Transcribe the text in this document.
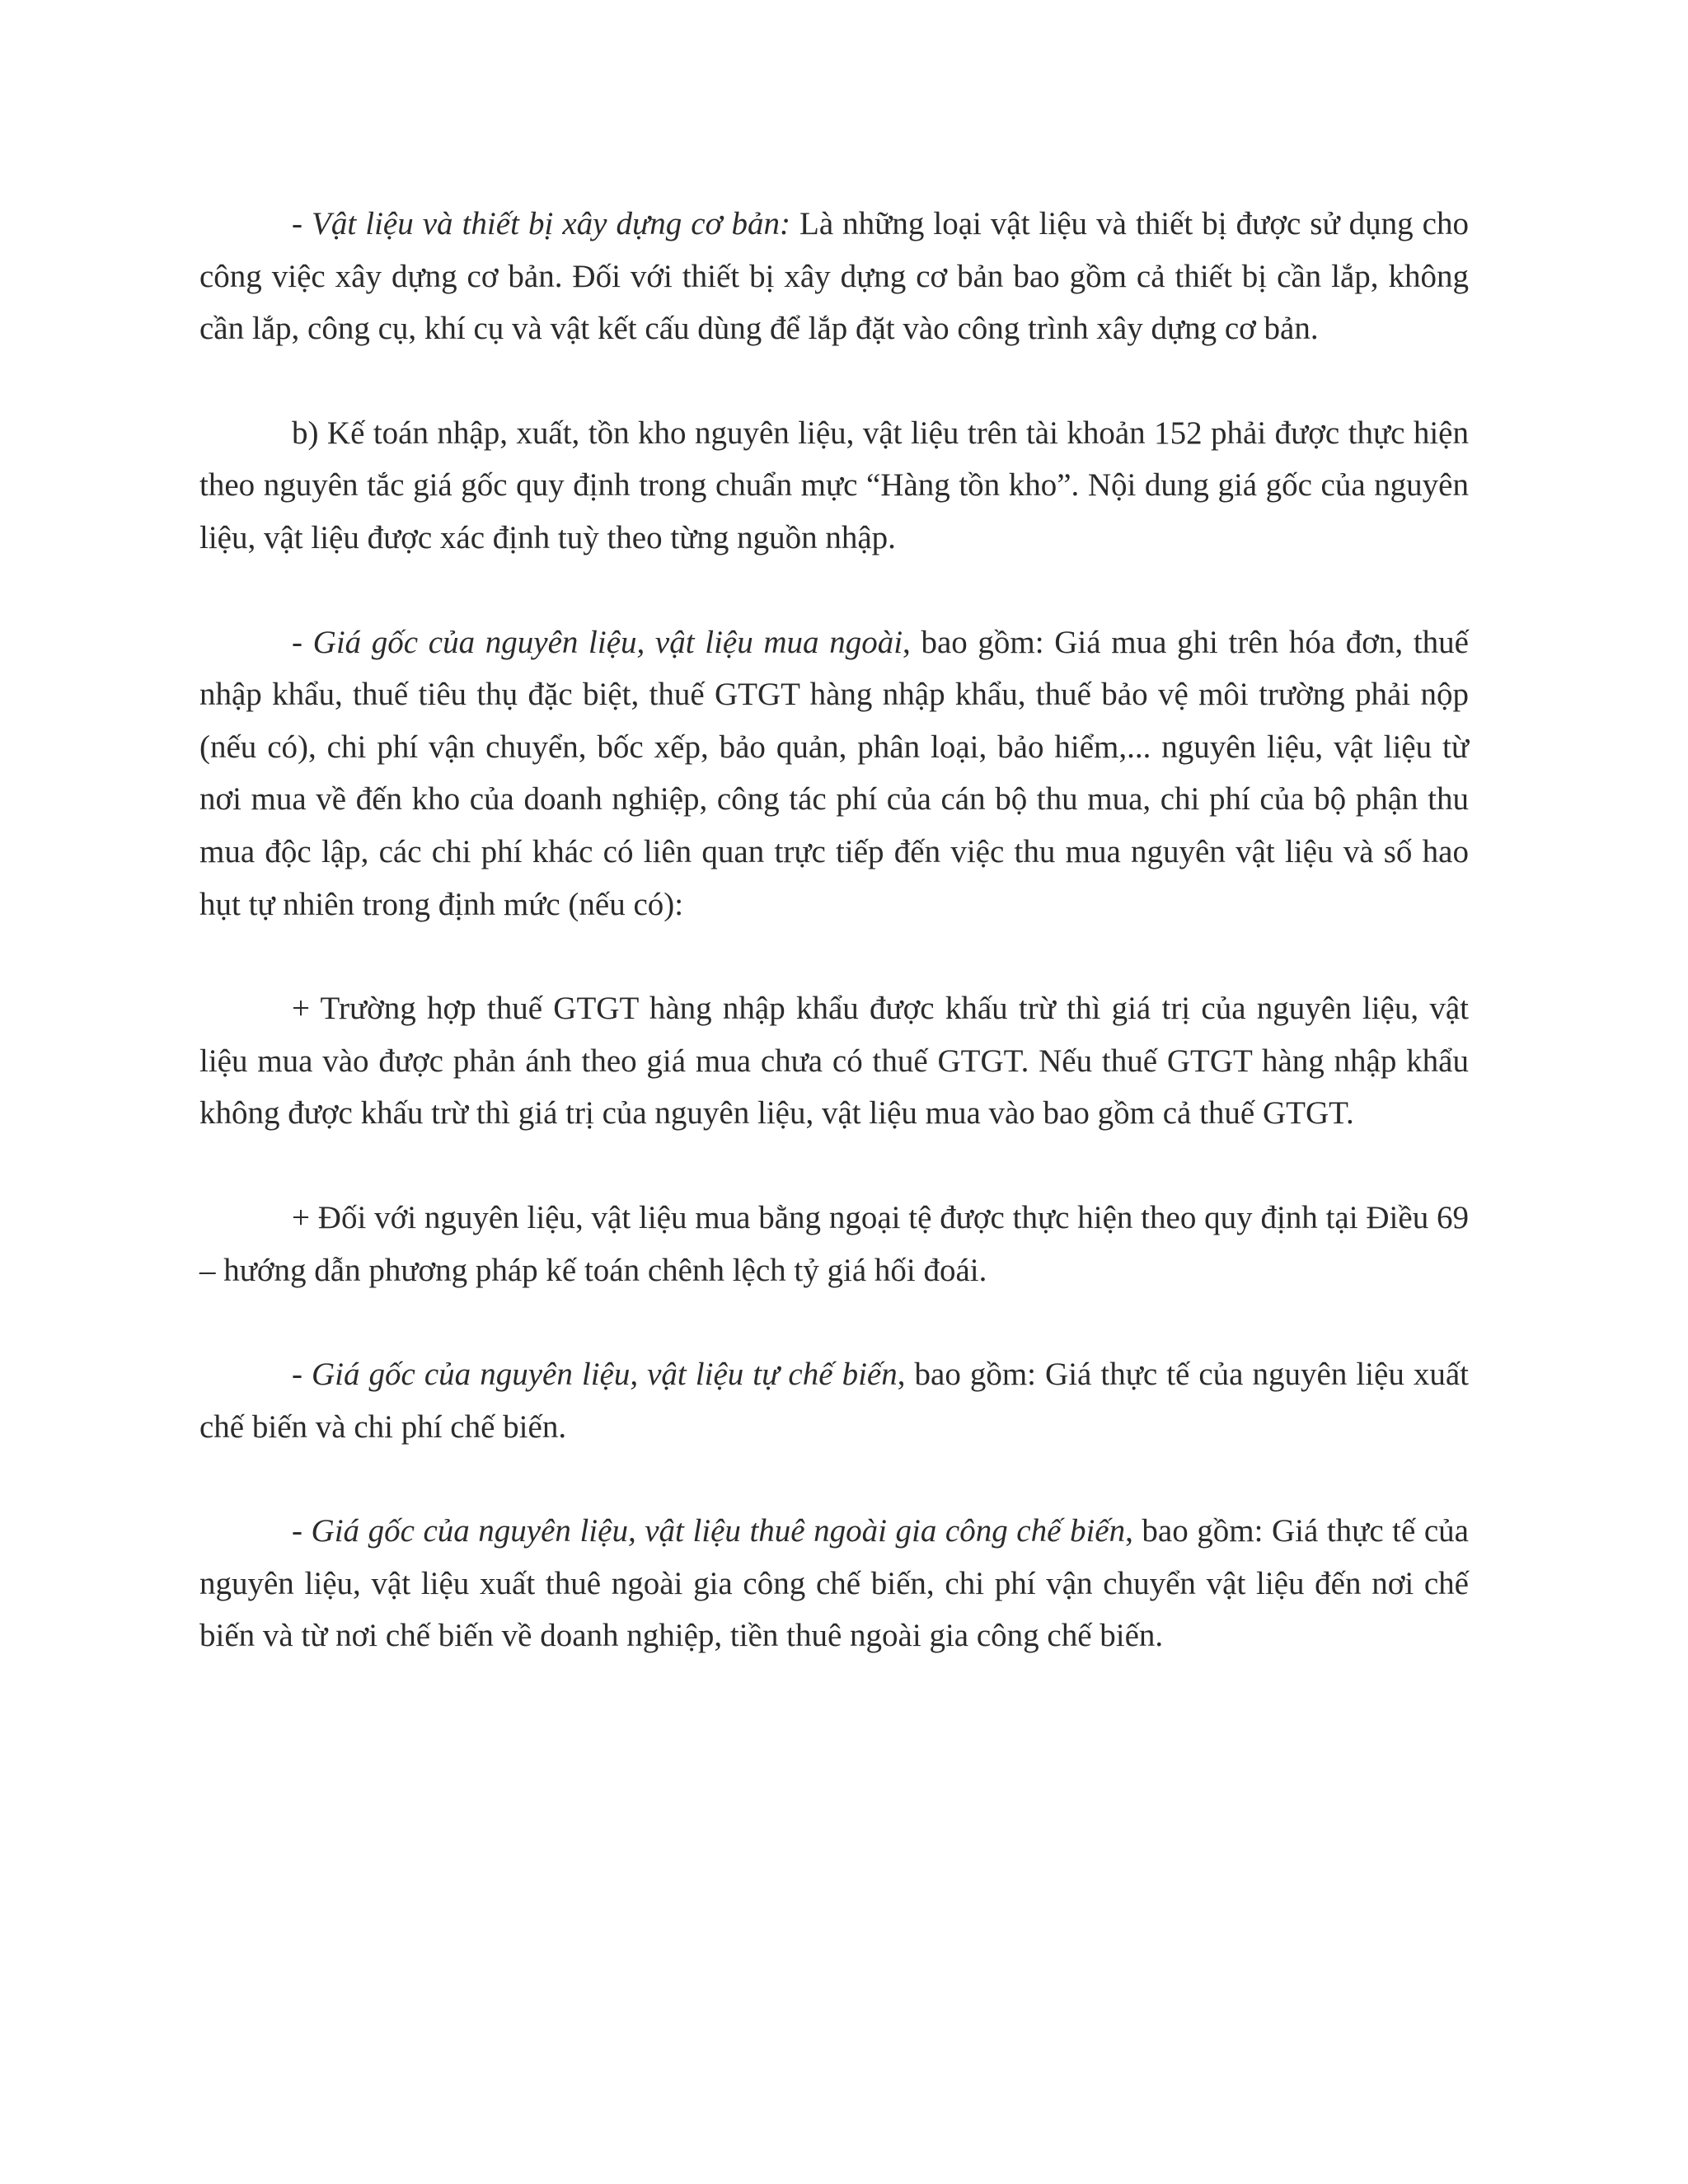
- Vật liệu và thiết bị xây dựng cơ bản: Là những loại vật liệu và thiết bị được sử dụng cho công việc xây dựng cơ bản. Đối với thiết bị xây dựng cơ bản bao gồm cả thiết bị cần lắp, không cần lắp, công cụ, khí cụ và vật kết cấu dùng để lắp đặt vào công trình xây dựng cơ bản.

b) Kế toán nhập, xuất, tồn kho nguyên liệu, vật liệu trên tài khoản 152 phải được thực hiện theo nguyên tắc giá gốc quy định trong chuẩn mực “Hàng tồn kho”. Nội dung giá gốc của nguyên liệu, vật liệu được xác định tuỳ theo từng nguồn nhập.

- Giá gốc của nguyên liệu, vật liệu mua ngoài, bao gồm: Giá mua ghi trên hóa đơn, thuế nhập khẩu, thuế tiêu thụ đặc biệt, thuế GTGT hàng nhập khẩu, thuế bảo vệ môi trường phải nộp (nếu có), chi phí vận chuyển, bốc xếp, bảo quản, phân loại, bảo hiểm,... nguyên liệu, vật liệu từ nơi mua về đến kho của doanh nghiệp, công tác phí của cán bộ thu mua, chi phí của bộ phận thu mua độc lập, các chi phí khác có liên quan trực tiếp đến việc thu mua nguyên vật liệu và số hao hụt tự nhiên trong định mức (nếu có):

+ Trường hợp thuế GTGT hàng nhập khẩu được khấu trừ thì giá trị của nguyên liệu, vật liệu mua vào được phản ánh theo giá mua chưa có thuế GTGT. Nếu thuế GTGT hàng nhập khẩu không được khấu trừ thì giá trị của nguyên liệu, vật liệu mua vào bao gồm cả thuế GTGT.

+ Đối với nguyên liệu, vật liệu mua bằng ngoại tệ được thực hiện theo quy định tại Điều 69 – hướng dẫn phương pháp kế toán chênh lệch tỷ giá hối đoái.

- Giá gốc của nguyên liệu, vật liệu tự chế biến, bao gồm: Giá thực tế của nguyên liệu xuất chế biến và chi phí chế biến.

- Giá gốc của nguyên liệu, vật liệu thuê ngoài gia công chế biến, bao gồm: Giá thực tế của nguyên liệu, vật liệu xuất thuê ngoài gia công chế biến, chi phí vận chuyển vật liệu đến nơi chế biến và từ nơi chế biến về doanh nghiệp, tiền thuê ngoài gia công chế biến.
